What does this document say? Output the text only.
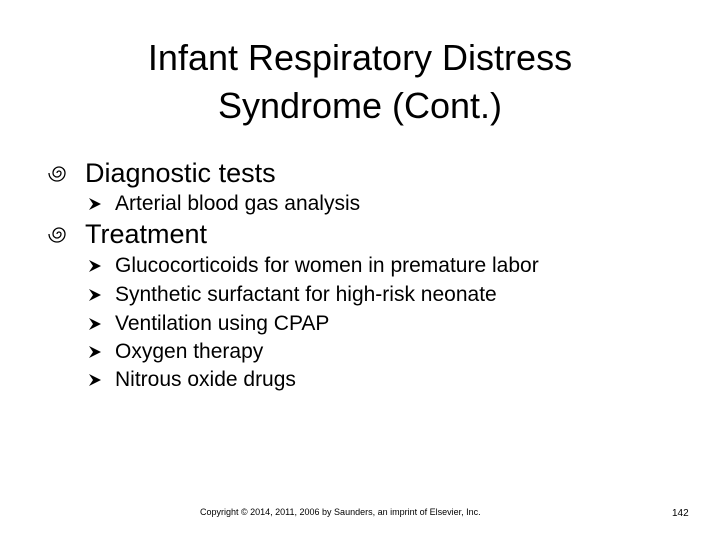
Infant Respiratory Distress
Syndrome (Cont.)
Diagnostic tests
Arterial blood gas analysis
Treatment
Glucocorticoids for women in premature labor
Synthetic surfactant for high-risk neonate
Ventilation using CPAP
Oxygen therapy
Nitrous oxide drugs
Copyright © 2014, 2011, 2006 by Saunders, an imprint of Elsevier, Inc.	142
